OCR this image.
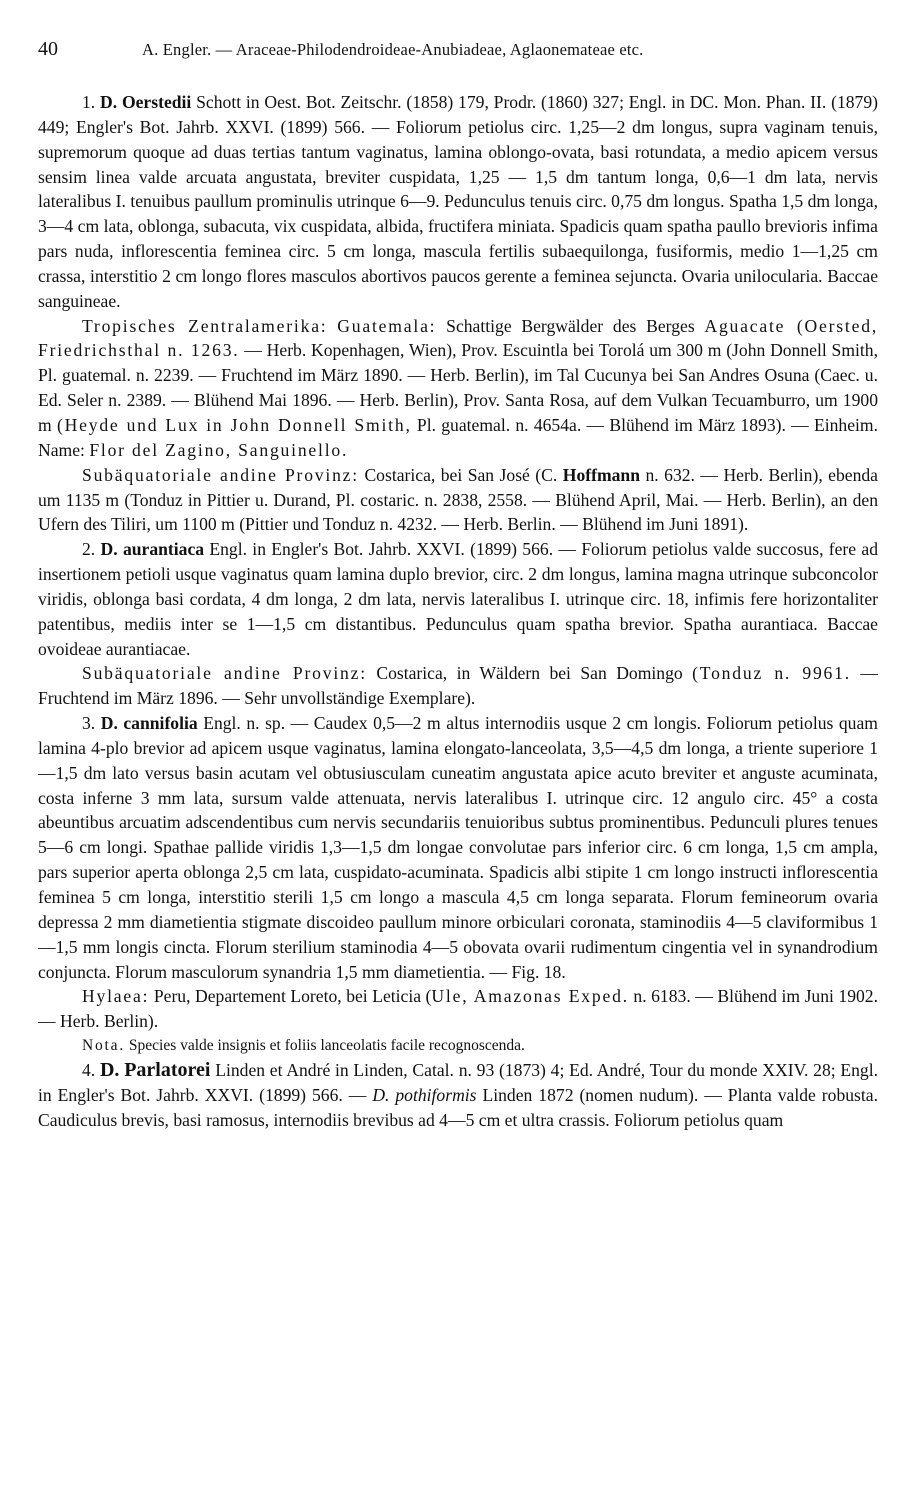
40	A. Engler. — Araceae-Philodendroideae-Anubiadeae, Aglaonemateae etc.

1. D. Oerstedii Schott in Oest. Bot. Zeitschr. (1858) 179, Prodr. (1860) 327; Engl. in DC. Mon. Phan. II. (1879) 449; Engler's Bot. Jahrb. XXVI. (1899) 566. — Foliorum petiolus circ. 1,25—2 dm longus, supra vaginam tenuis, supremorum quoque ad duas tertias tantum vaginatus, lamina oblongo-ovata, basi rotundata, a medio apicem versus sensim linea valde arcuata angustata, breviter cuspidata, 1,25 — 1,5 dm tantum longa, 0,6—1 dm lata, nervis lateralibus I. tenuibus paullum prominulis utrinque 6—9. Pedunculus tenuis circ. 0,75 dm longus. Spatha 1,5 dm longa, 3—4 cm lata, oblonga, subacuta, vix cuspidata, albida, fructifera miniata. Spadicis quam spatha paullo brevioris infima pars nuda, inflorescentia feminea circ. 5 cm longa, mascula fertilis subaequilonga, fusiformis, medio 1—1,25 cm crassa, interstitio 2 cm longo flores masculos abortivos paucos gerente a feminea sejuncta. Ovaria unilocularia. Baccae sanguineae.

Tropisches Zentralamerika: Guatemala: Schattige Bergwälder des Berges Aguacate (Oersted, Friedrichsthal n. 1263. — Herb. Kopenhagen, Wien), Prov. Escuintla bei Torolá um 300 m (John Donnell Smith, Pl. guatemal. n. 2239. — Fruchtend im März 1890. — Herb. Berlin), im Tal Cucunya bei San Andres Osuna (Caec. u. Ed. Seler n. 2389. — Blühend Mai 1896. — Herb. Berlin), Prov. Santa Rosa, auf dem Vulkan Tecuamburro, um 1900 m (Heyde und Lux in John Donnell Smith, Pl. guatemal. n. 4654a. — Blühend im März 1893). — Einheim. Name: Flor del Zagino, Sanguinello.

Subäquatoriale andine Provinz: Costarica, bei San José (C. Hoffmann n. 632. — Herb. Berlin), ebenda um 1135 m (Tonduz in Pittier u. Durand, Pl. costaric. n. 2838, 2558. — Blühend April, Mai. — Herb. Berlin), an den Ufern des Tiliri, um 1100 m (Pittier und Tonduz n. 4232. — Herb. Berlin. — Blühend im Juni 1891).

2. D. aurantiaca Engl. in Engler's Bot. Jahrb. XXVI. (1899) 566. — Foliorum petiolus valde succosus, fere ad insertionem petioli usque vaginatus quam lamina duplo brevior, circ. 2 dm longus, lamina magna utrinque subconcolor viridis, oblonga basi cordata, 4 dm longa, 2 dm lata, nervis lateralibus I. utrinque circ. 18, infimis fere horizontaliter patentibus, mediis inter se 1—1,5 cm distantibus. Pedunculus quam spatha brevior. Spatha aurantiaca. Baccae ovoideae aurantiacae.

Subäquatoriale andine Provinz: Costarica, in Wäldern bei San Domingo (Tonduz n. 9961. — Fruchtend im März 1896. — Sehr unvollständige Exemplare).

3. D. cannifolia Engl. n. sp. — Caudex 0,5—2 m altus internodiis usque 2 cm longis. Foliorum petiolus quam lamina 4-plo brevior ad apicem usque vaginatus, lamina elongato-lanceolata, 3,5—4,5 dm longa, a triente superiore 1—1,5 dm lato versus basin acutam vel obtusiusculam cuneatim angustata apice acuto breviter et anguste acuminata, costa inferne 3 mm lata, sursum valde attenuata, nervis lateralibus I. utrinque circ. 12 angulo circ. 45° a costa abeuntibus arcuatim adscendentibus cum nervis secundariis tenuioribus subtus prominentibus. Pedunculi plures tenues 5—6 cm longi. Spathae pallide viridis 1,3—1,5 dm longae convolutae pars inferior circ. 6 cm longa, 1,5 cm ampla, pars superior aperta oblonga 2,5 cm lata, cuspidato-acuminata. Spadicis albi stipite 1 cm longo instructi inflorescentia feminea 5 cm longa, interstitio sterili 1,5 cm longo a mascula 4,5 cm longa separata. Florum femineorum ovaria depressa 2 mm diametientia stigmate discoideo paullum minore orbiculari coronata, staminodiis 4—5 claviformibus 1—1,5 mm longis cincta. Florum sterilium staminodia 4—5 obovata ovarii rudimentum cingentia vel in synandrodium conjuncta. Florum masculorum synandria 1,5 mm diametientia. — Fig. 18.

Hylaea: Peru, Departement Loreto, bei Leticia (Ule, Amazonas Exped. n. 6183. — Blühend im Juni 1902. — Herb. Berlin).

Nota. Species valde insignis et foliis lanceolatis facile recognoscenda.

4. D. Parlatorei Linden et André in Linden, Catal. n. 93 (1873) 4; Ed. André, Tour du monde XXIV. 28; Engl. in Engler's Bot. Jahrb. XXVI. (1899) 566. — D. pothiformis Linden 1872 (nomen nudum). — Planta valde robusta. Caudiculus brevis, basi ramosus, internodiis brevibus ad 4—5 cm et ultra crassis. Foliorum petiolus quam
